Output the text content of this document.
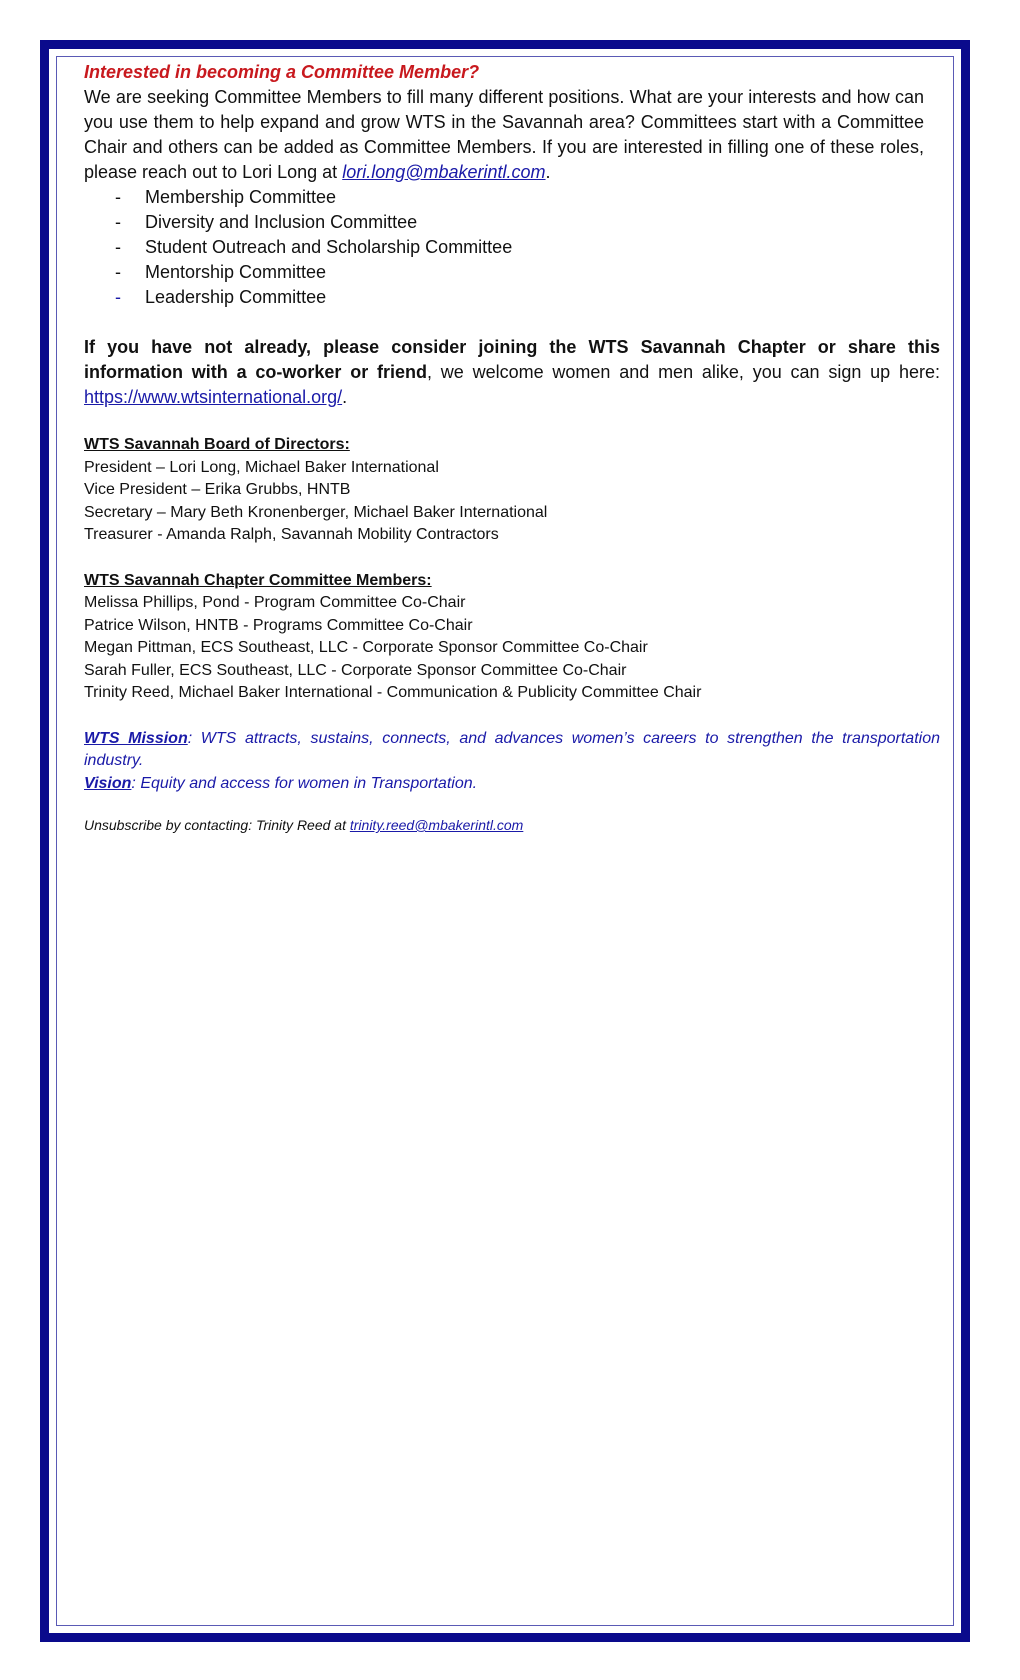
Interested in becoming a Committee Member?

We are seeking Committee Members to fill many different positions. What are your interests and how can you use them to help expand and grow WTS in the Savannah area? Committees start with a Committee Chair and others can be added as Committee Members. If you are interested in filling one of these roles, please reach out to Lori Long at lori.long@mbakerintl.com.

- Membership Committee
- Diversity and Inclusion Committee
- Student Outreach and Scholarship Committee
- Mentorship Committee
- Leadership Committee

If you have not already, please consider joining the WTS Savannah Chapter or share this information with a co-worker or friend, we welcome women and men alike, you can sign up here: https://www.wtsinternational.org/.

WTS Savannah Board of Directors:

President – Lori Long, Michael Baker International

Vice President – Erika Grubbs, HNTB

Secretary – Mary Beth Kronenberger, Michael Baker International

Treasurer - Amanda Ralph, Savannah Mobility Contractors

WTS Savannah Chapter Committee Members:

Melissa Phillips, Pond - Program Committee Co-Chair

Patrice Wilson, HNTB - Programs Committee Co-Chair

Megan Pittman, ECS Southeast, LLC - Corporate Sponsor Committee Co-Chair

Sarah Fuller, ECS Southeast, LLC - Corporate Sponsor Committee Co-Chair

Trinity Reed, Michael Baker International - Communication & Publicity Committee Chair

WTS Mission: WTS attracts, sustains, connects, and advances women’s careers to strengthen the transportation industry.

Vision: Equity and access for women in Transportation.

Unsubscribe by contacting: Trinity Reed at trinity.reed@mbakerintl.com
